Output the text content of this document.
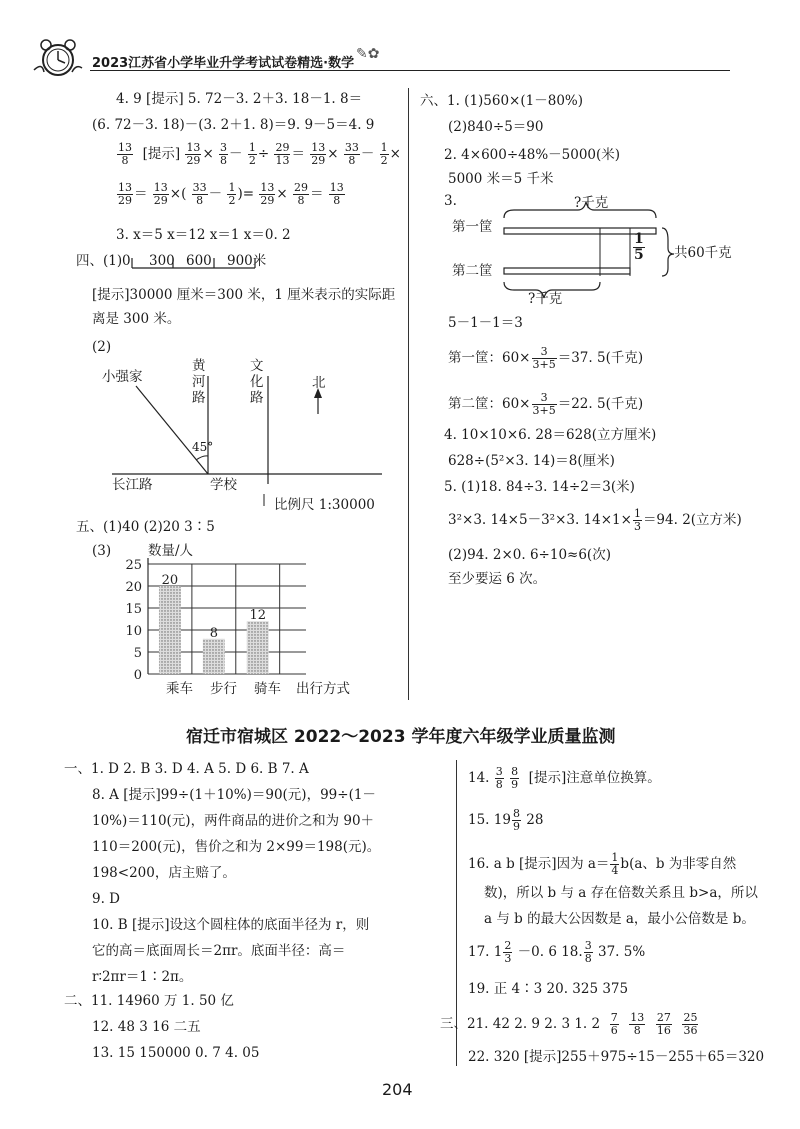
2023江苏省小学毕业升学考试试卷精选·数学
✎✿
4. 9 [提示] 5. 72－3. 2＋3. 18－1. 8＝
(6. 72－3. 18)－(3. 2＋1. 8)＝9. 9－5＝4. 9
$\frac{13}{8}$ [提示] $\frac{13}{29} \times \frac{3}{8} - \frac{1}{2} \div \frac{29}{13} = \frac{13}{29} \times \frac{33}{8} - \frac{1}{2}$ ×
$\frac{13}{29} = \frac{13}{29}$ ×( $\frac{33}{8} - \frac{1}{2}$ )= $\frac{13}{29} \times \frac{29}{8} = \frac{13}{8}$
3. x＝5 x＝12 x＝1 x＝0. 2
四、(1) 0 300 600 900米
[提示]30000 厘米＝300 米，1 厘米表示的实际距
离是 300 米。
(2)
小强家
黄河路
文化路
北
45°
长江路	学校
比例尺 1:30000
五、(1)40 (2)20 3∶5
(3)	数量/人
0
5
10
15
20
25
20
8
12
出行方式
六、1. (1)560×(1－80%)
(2)840÷5＝90
2. 4×600÷48%－5000(米)
5000 米＝5 千米
3.	?千克
第一筐
第二筐
$\frac{1}{5}$ 共60千克
?千克
5－1－1＝3
第一筐：$60\times \frac{3}{3+5} =37$. 5(千克)
第二筐：$60\times \frac{3}{3+5} =22$. 5(千克)
4. 10×10×6. 28＝628(立方厘米)
628÷(5²×3. 14)＝8(厘米)
5. (1)18. 84÷3. 14÷2＝3(米)
3²×3. 14×5－3²×3. $14\times 1\times \frac{1}{3} =94$. 2(立方米)
(2)94. 2×0. 6÷10≈6(次)
至少要运 6 次。
宿迁市宿城区 2022～2023 学年度六年级学业质量监测
一、1. D 2. B 3. D 4. A 5. D 6. B 7. A
8. A [提示]99÷(1＋10%)＝90(元)，99÷(1－
10%)＝110(元)，两件商品的进价之和为 90＋
110＝200(元)，售价之和为 2×99＝198(元)。
198<200，店主赔了。
9. D
10. B [提示]设这个圆柱体的底面半径为 r，则
它的高＝底面周长＝2πr。底面半径：高＝
r∶2πr＝1∶2π。
二、11. 14960 万 1. 50 亿
12. 48 3 16 二五
13. 15 150000 0. 7 4. 05
14. $\frac{3}{8}$
$\frac{8}{9}$ [提示]注意单位换算。
15. $19 \frac{8}{9} 28$
16. a b [提示]因为 $a= \frac{1}{4} b(a$、b 为非零自然
数)，所以 b 与 a 存在倍数关系且 b>a，所以
a 与 b 的最大公因数是 a，最小公倍数是 b。
17. $1 \frac{2}{3} -0$. 6 18. $\frac{3}{8} 37$. 5%
19. 正 4∶3 20. 325 375
三、21. 42 2. 9 2. 3 1. $2 \frac{7}{6}$
$\frac{13}{8}$
$\frac{27}{16}$
$\frac{25}{36}$
22. 320 [提示]255＋975÷15－255＋65＝320
204
乘车 步行 骑车
